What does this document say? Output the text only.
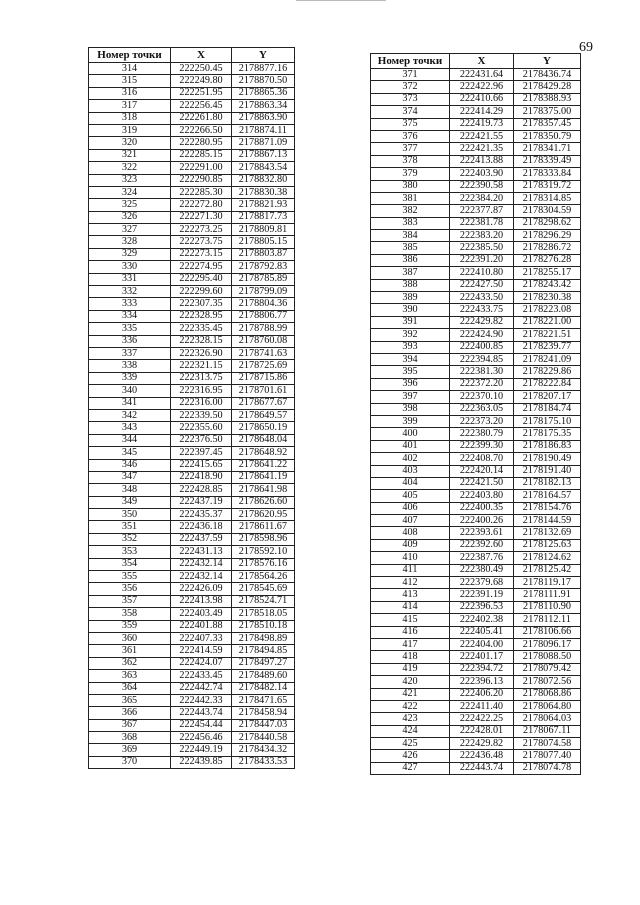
69
Номер точки	X	Y
314	222250.45	2178877.16
315	222249.80	2178870.50
316	222251.95	2178865.36
317	222256.45	2178863.34
318	222261.80	2178863.90
319	222266.50	2178874.11
320	222280.95	2178871.09
321	222285.15	2178867.13
322	222291.00	2178843.54
323	222290.85	2178832.80
324	222285.30	2178830.38
325	222272.80	2178821.93
326	222271.30	2178817.73
327	222273.25	2178809.81
328	222273.75	2178805.15
329	222273.15	2178803.87
330	222274.95	2178792.83
331	222295.40	2178785.89
332	222299.60	2178799.09
333	222307.35	2178804.36
334	222328.95	2178806.77
335	222335.45	2178788.99
336	222328.15	2178760.08
337	222326.90	2178741.63
338	222321.15	2178725.69
339	222313.75	2178715.86
340	222316.95	2178701.61
341	222316.00	2178677.67
342	222339.50	2178649.57
343	222355.60	2178650.19
344	222376.50	2178648.04
345	222397.45	2178648.92
346	222415.65	2178641.22
347	222418.90	2178641.19
348	222428.85	2178641.98
349	222437.19	2178626.60
350	222435.37	2178620.95
351	222436.18	2178611.67
352	222437.59	2178598.96
353	222431.13	2178592.10
354	222432.14	2178576.16
355	222432.14	2178564.26
356	222426.09	2178545.69
357	222413.98	2178524.71
358	222403.49	2178518.05
359	222401.88	2178510.18
360	222407.33	2178498.89
361	222414.59	2178494.85
362	222424.07	2178497.27
363	222433.45	2178489.60
364	222442.74	2178482.14
365	222442.33	2178471.65
366	222443.74	2178458.94
367	222454.44	2178447.03
368	222456.46	2178440.58
369	222449.19	2178434.32
370	222439.85	2178433.53
Номер точки	X	Y
371	222431.64	2178436.74
372	222422.96	2178429.28
373	222410.66	2178388.93
374	222414.29	2178375.00
375	222419.73	2178357.45
376	222421.55	2178350.79
377	222421.35	2178341.71
378	222413.88	2178339.49
379	222403.90	2178333.84
380	222390.58	2178319.72
381	222384.20	2178314.85
382	222377.87	2178304.59
383	222381.78	2178298.62
384	222383.20	2178296.29
385	222385.50	2178286.72
386	222391.20	2178276.28
387	222410.80	2178255.17
388	222427.50	2178243.42
389	222433.50	2178230.38
390	222433.75	2178223.08
391	222429.82	2178221.00
392	222424.90	2178221.51
393	222400.85	2178239.77
394	222394.85	2178241.09
395	222381.30	2178229.86
396	222372.20	2178222.84
397	222370.10	2178207.17
398	222363.05	2178184.74
399	222373.20	2178175.10
400	222380.79	2178175.35
401	222399.30	2178186.83
402	222408.70	2178190.49
403	222420.14	2178191.40
404	222421.50	2178182.13
405	222403.80	2178164.57
406	222400.35	2178154.76
407	222400.26	2178144.59
408	222393.61	2178132.69
409	222392.60	2178125.63
410	222387.76	2178124.62
411	222380.49	2178125.42
412	222379.68	2178119.17
413	222391.19	2178111.91
414	222396.53	2178110.90
415	222402.38	2178112.11
416	222405.41	2178106.66
417	222404.00	2178096.17
418	222401.17	2178088.50
419	222394.72	2178079.42
420	222396.13	2178072.56
421	222406.20	2178068.86
422	222411.40	2178064.80
423	222422.25	2178064.03
424	222428.01	2178067.11
425	222429.82	2178074.58
426	222436.48	2178077.40
427	222443.74	2178074.78
